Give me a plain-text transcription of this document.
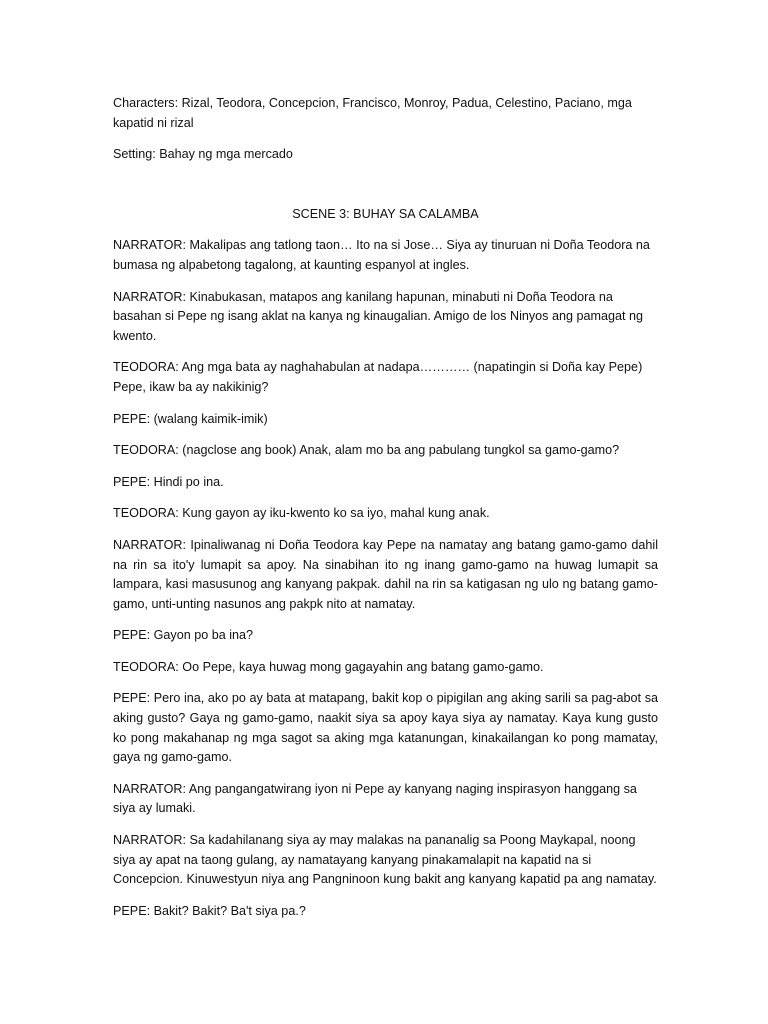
Characters: Rizal, Teodora, Concepcion, Francisco, Monroy, Padua, Celestino, Paciano, mga kapatid ni rizal

Setting: Bahay ng mga mercado

SCENE 3: BUHAY SA CALAMBA

NARRATOR: Makalipas ang tatlong taon… Ito na si Jose… Siya ay tinuruan ni Doña Teodora na bumasa ng alpabetong tagalong, at kaunting espanyol at ingles.

NARRATOR: Kinabukasan, matapos ang kanilang hapunan, minabuti ni Doña Teodora na basahan si Pepe ng isang aklat na kanya ng kinaugalian. Amigo de los Ninyos ang pamagat ng kwento.

TEODORA: Ang mga bata ay naghahabulan at nadapa………… (napatingin si Doña kay Pepe) Pepe, ikaw ba ay nakikinig?

PEPE: (walang kaimik-imik)

TEODORA: (nagclose ang book) Anak, alam mo ba ang pabulang tungkol sa gamo-gamo?

PEPE: Hindi po ina.

TEODORA: Kung gayon ay iku-kwento ko sa iyo, mahal kung anak.

NARRATOR: Ipinaliwanag ni Doña Teodora kay Pepe na namatay ang batang gamo-gamo dahil na rin sa ito'y lumapit sa apoy. Na sinabihan ito ng inang gamo-gamo na huwag lumapit sa lampara, kasi masusunog ang kanyang pakpak. dahil na rin sa katigasan ng ulo ng batang gamo-gamo, unti-unting nasunos ang pakpk nito at namatay.

PEPE: Gayon po ba ina?

TEODORA: Oo Pepe, kaya huwag mong gagayahin ang batang gamo-gamo.

PEPE: Pero ina, ako po ay bata at matapang, bakit kop o pipigilan ang aking sarili sa pag-abot sa aking gusto? Gaya ng gamo-gamo, naakit siya sa apoy kaya siya ay namatay. Kaya kung gusto ko pong makahanap ng mga sagot sa aking mga katanungan, kinakailangan ko pong mamatay, gaya ng gamo-gamo.

NARRATOR: Ang pangangatwirang iyon ni Pepe ay kanyang naging inspirasyon hanggang sa siya ay lumaki.

NARRATOR: Sa kadahilanang siya ay may malakas na pananalig sa Poong Maykapal, noong siya ay apat na taong gulang, ay namatayang kanyang pinakamalapit na kapatid na si Concepcion. Kinuwestyun niya ang Pangninoon kung bakit ang kanyang kapatid pa ang namatay.

PEPE: Bakit? Bakit? Ba't siya pa.?
